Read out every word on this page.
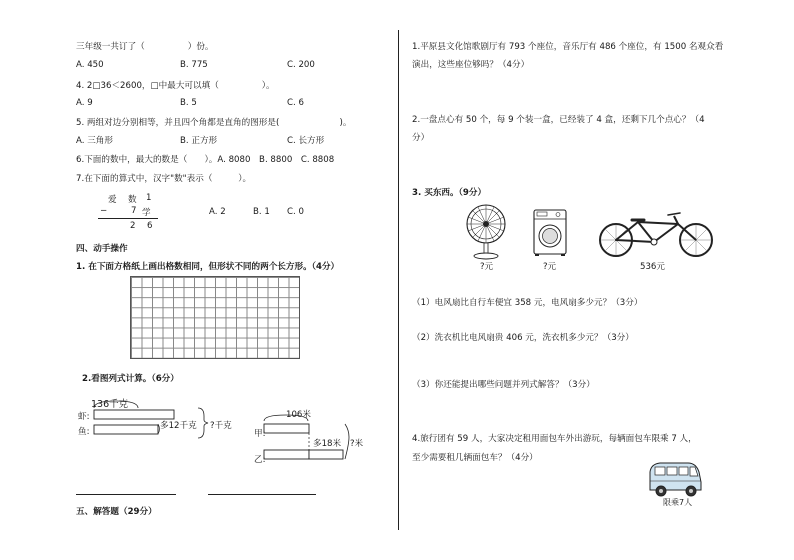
三年级一共订了（　　　　　）份。
A. 450	B. 775	C. 200
4. 2□36＜2600，□中最大可以填（　　　　　）。
A. 9	B. 5	C. 6
5. 两组对边分别相等，并且四个角都是直角的图形是(　　　　　　　)。
A. 三角形	B. 正方形	C. 长方形
6.下面的数中，最大的数是（　　）。A. 8080　B. 8800　C. 8808
7.在下面的算式中，汉字"数"表示（　　　）。
爱 数 1
−	7 学
2 6
A. 2	B. 1 C. 0
四、动手操作
1. 在下面方格纸上画出格数相同，但形状不同的两个长方形。（4分）
2.看图列式计算。（6分）
136千克
虾:
鱼:
多12千克 ?千克
106米
甲:
乙:
多18米 ?米
五、解答题（29分）
1.平原县文化馆歌剧厅有 793 个座位，音乐厅有 486 个座位，有 1500 名观众看
演出，这些座位够吗？（4分）
2.一盘点心有 50 个，每 9 个装一盒，已经装了 4 盒，还剩下几个点心？（4
分）
3. 买东西。（9分）
?元	?元	536元
（1）电风扇比自行车便宜 358 元，电风扇多少元？（3分）
（2）洗衣机比电风扇贵 406 元，洗衣机多少元？（3分）
（3）你还能提出哪些问题并列式解答？（3分）
4.旅行团有 59 人，大家决定租用面包车外出游玩，每辆面包车限乘 7 人，
至少需要租几辆面包车？（4分）
限乘7人
